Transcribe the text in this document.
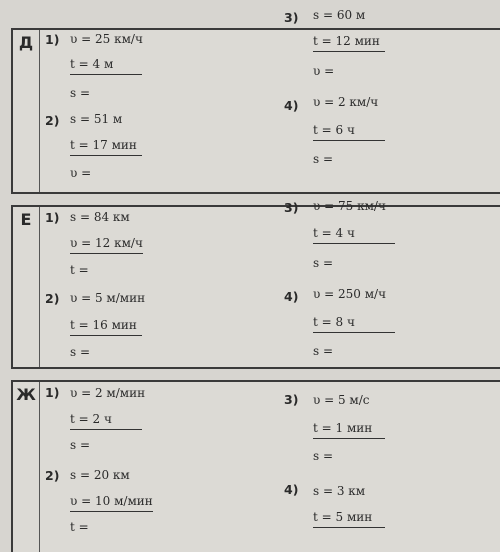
Д
Е
Ж
1) υ = 25 км/ч
t = 4 м
s =
2) s = 51 м
t = 17 мин
υ =
3) s = 60 м
t = 12 мин
υ =
4) υ = 2 км/ч
t = 6 ч
s =
1) s = 84 км
υ = 12 км/ч
t =
2) υ = 5 м/мин
t = 16 мин
s =
3) υ = 75 км/ч
t = 4 ч
s =
4) υ = 250 м/ч
t = 8 ч
s =
1) υ = 2 м/мин
t = 2 ч
s =
2) s = 20 км
υ = 10 м/мин
t =
3) υ = 5 м/с
t = 1 мин
s =
4) s = 3 км
t = 5 мин
